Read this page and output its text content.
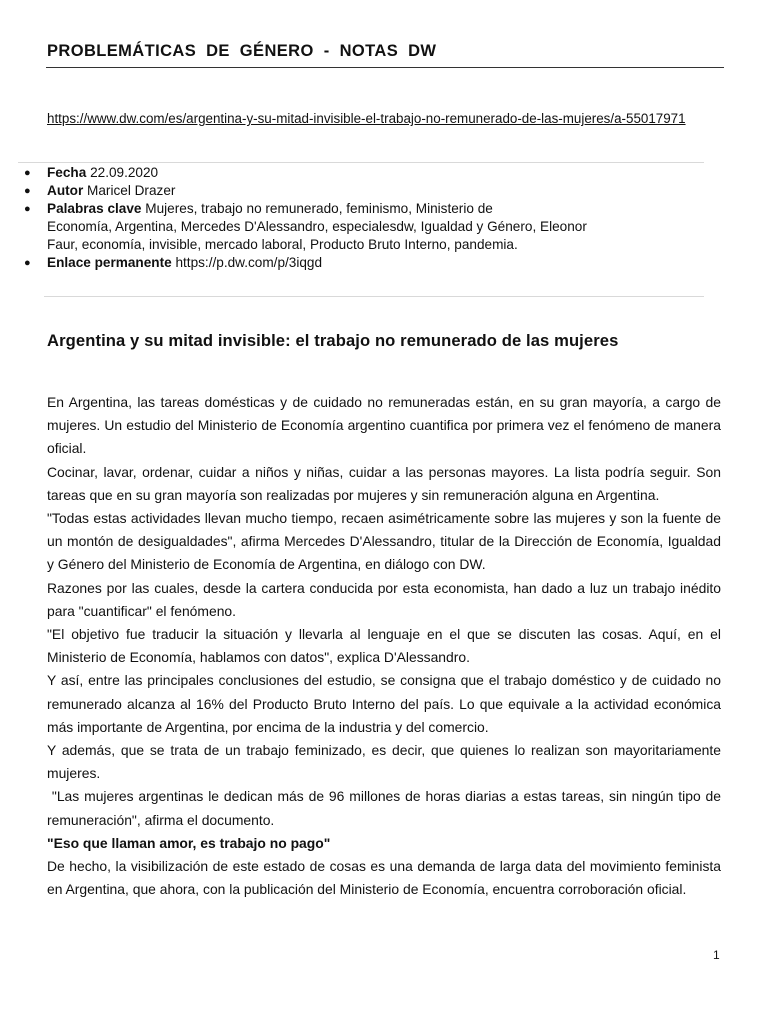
PROBLEMÁTICAS DE GÉNERO - NOTAS DW
https://www.dw.com/es/argentina-y-su-mitad-invisible-el-trabajo-no-remunerado-de-las-mujeres/a-55017971
● Fecha 22.09.2020
● Autor Maricel Drazer
● Palabras clave Mujeres, trabajo no remunerado, feminismo, Ministerio de
Economía, Argentina, Mercedes D'Alessandro, especialesdw, Igualdad y Género, Eleonor
Faur, economía, invisible, mercado laboral, Producto Bruto Interno, pandemia.
● Enlace permanente https://p.dw.com/p/3iqgd
Argentina y su mitad invisible: el trabajo no remunerado de las mujeres

En Argentina, las tareas domésticas y de cuidado no remuneradas están, en su gran mayoría, a cargo de mujeres. Un estudio del Ministerio de Economía argentino cuantifica por primera vez el fenómeno de manera oficial.

Cocinar, lavar, ordenar, cuidar a niños y niñas, cuidar a las personas mayores. La lista podría seguir. Son tareas que en su gran mayoría son realizadas por mujeres y sin remuneración alguna en Argentina.

"Todas estas actividades llevan mucho tiempo, recaen asimétricamente sobre las mujeres y son la fuente de un montón de desigualdades", afirma Mercedes D'Alessandro, titular de la Dirección de Economía, Igualdad y Género del Ministerio de Economía de Argentina, en diálogo con DW.

Razones por las cuales, desde la cartera conducida por esta economista, han dado a luz un trabajo inédito para "cuantificar" el fenómeno.

"El objetivo fue traducir la situación y llevarla al lenguaje en el que se discuten las cosas. Aquí, en el Ministerio de Economía, hablamos con datos", explica D'Alessandro.

Y así, entre las principales conclusiones del estudio, se consigna que el trabajo doméstico y de cuidado no remunerado alcanza al 16% del Producto Bruto Interno del país. Lo que equivale a la actividad económica más importante de Argentina, por encima de la industria y del comercio.

Y además, que se trata de un trabajo feminizado, es decir, que quienes lo realizan son mayoritariamente mujeres.

"Las mujeres argentinas le dedican más de 96 millones de horas diarias a estas tareas, sin ningún tipo de remuneración", afirma el documento.

"Eso que llaman amor, es trabajo no pago"

De hecho, la visibilización de este estado de cosas es una demanda de larga data del movimiento feminista en Argentina, que ahora, con la publicación del Ministerio de Economía, encuentra corroboración oficial.

1
